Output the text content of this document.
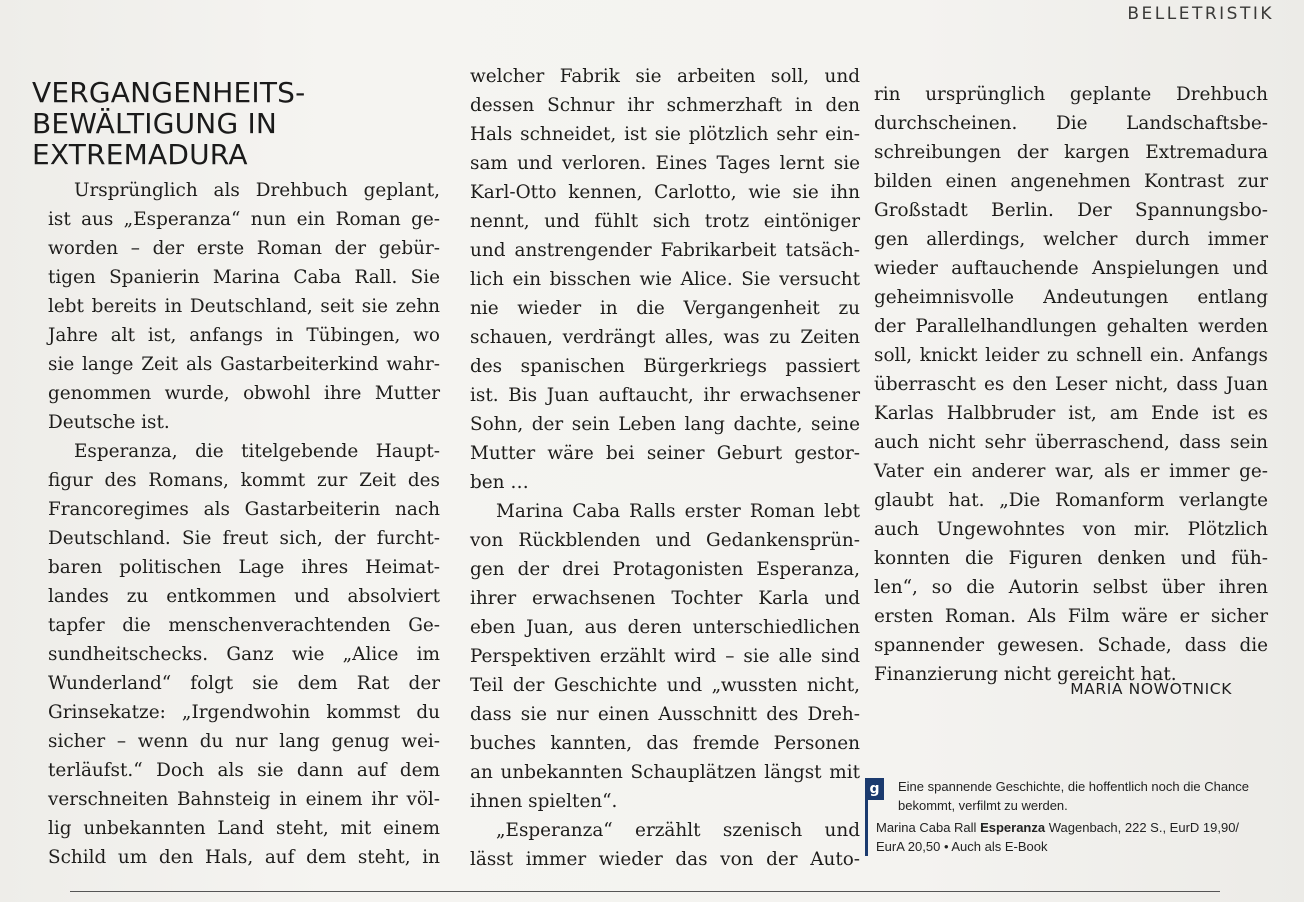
BELLETRISTIK
VERGANGENHEITS-
BEWÄLTIGUNG IN
EXTREMADURA
Ursprünglich als Drehbuch geplant,
ist aus „Esperanza“ nun ein Roman ge-
worden – der erste Roman der gebür-
tigen Spanierin Marina Caba Rall. Sie
lebt bereits in Deutschland, seit sie zehn
Jahre alt ist, anfangs in Tübingen, wo
sie lange Zeit als Gastarbeiterkind wahr-
genommen wurde, obwohl ihre Mutter
Deutsche ist.
Esperanza, die titelgebende Haupt-
figur des Romans, kommt zur Zeit des
Francoregimes als Gastarbeiterin nach
Deutschland. Sie freut sich, der furcht-
baren politischen Lage ihres Heimat-
landes zu entkommen und absolviert
tapfer die menschenverachtenden Ge-
sundheitschecks. Ganz wie „Alice im
Wunderland“ folgt sie dem Rat der
Grinsekatze: „Irgendwohin kommst du
sicher – wenn du nur lang genug wei-
terläufst.“ Doch als sie dann auf dem
verschneiten Bahnsteig in einem ihr völ-
lig unbekannten Land steht, mit einem
Schild um den Hals, auf dem steht, in
welcher Fabrik sie arbeiten soll, und
dessen Schnur ihr schmerzhaft in den
Hals schneidet, ist sie plötzlich sehr ein-
sam und verloren. Eines Tages lernt sie
Karl-Otto kennen, Carlotto, wie sie ihn
nennt, und fühlt sich trotz eintöniger
und anstrengender Fabrikarbeit tatsäch-
lich ein bisschen wie Alice. Sie versucht
nie wieder in die Vergangenheit zu
schauen, verdrängt alles, was zu Zeiten
des spanischen Bürgerkriegs passiert
ist. Bis Juan auftaucht, ihr erwachsener
Sohn, der sein Leben lang dachte, seine
Mutter wäre bei seiner Geburt gestor-
ben …
Marina Caba Ralls erster Roman lebt
von Rückblenden und Gedankensprün-
gen der drei Protagonisten Esperanza,
ihrer erwachsenen Tochter Karla und
eben Juan, aus deren unterschiedlichen
Perspektiven erzählt wird – sie alle sind
Teil der Geschichte und „wussten nicht,
dass sie nur einen Ausschnitt des Dreh-
buches kannten, das fremde Personen
an unbekannten Schauplätzen längst mit
ihnen spielten“.
„Esperanza“ erzählt szenisch und
lässt immer wieder das von der Auto-
rin ursprünglich geplante Drehbuch
durchscheinen. Die Landschaftsbe-
schreibungen der kargen Extremadura
bilden einen angenehmen Kontrast zur
Großstadt Berlin. Der Spannungsbo-
gen allerdings, welcher durch immer
wieder auftauchende Anspielungen und
geheimnisvolle Andeutungen entlang
der Parallelhandlungen gehalten werden
soll, knickt leider zu schnell ein. Anfangs
überrascht es den Leser nicht, dass Juan
Karlas Halbbruder ist, am Ende ist es
auch nicht sehr überraschend, dass sein
Vater ein anderer war, als er immer ge-
glaubt hat. „Die Romanform verlangte
auch Ungewohntes von mir. Plötzlich
konnten die Figuren denken und füh-
len“, so die Autorin selbst über ihren
ersten Roman. Als Film wäre er sicher
spannender gewesen. Schade, dass die
Finanzierung nicht gereicht hat.
MARIA NOWOTNICK
g	Eine spannende Geschichte, die hoffentlich noch die Chance
bekommt, verfilmt zu werden.
Marina Caba Rall Esperanza Wagenbach, 222 S., EurD 19,90/
EurA 20,50 • Auch als E-Book
